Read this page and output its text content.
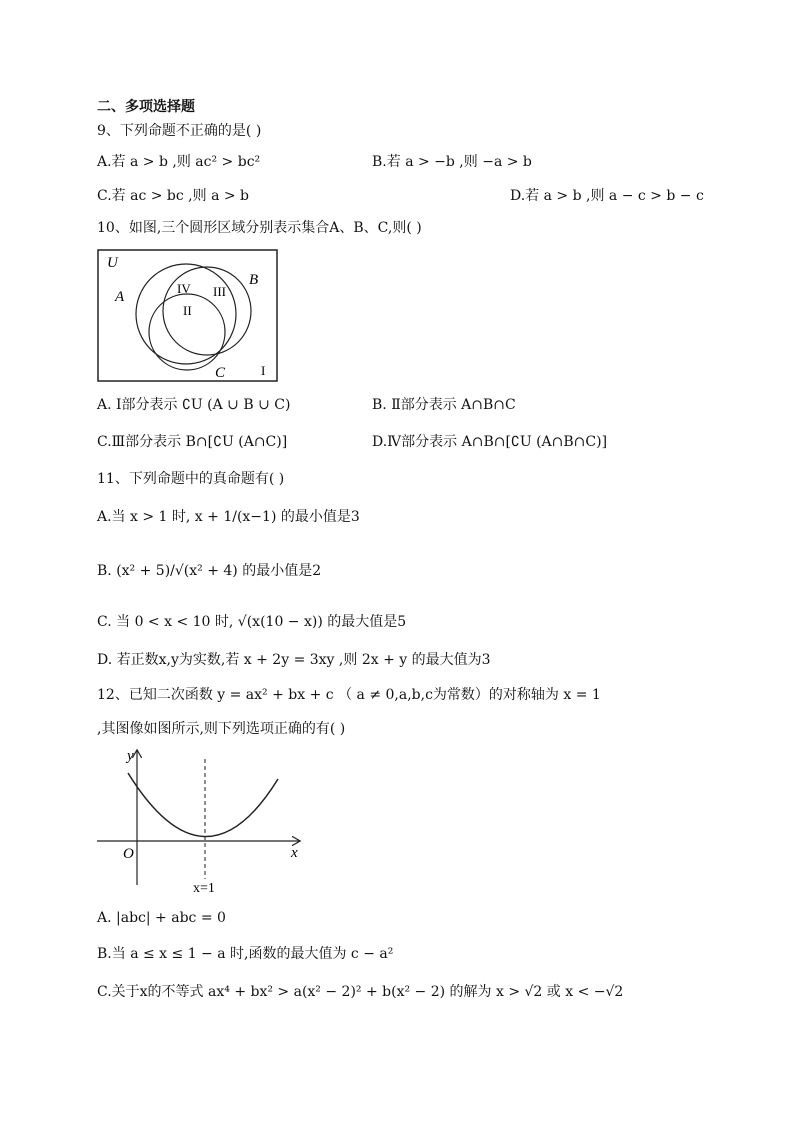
二、多项选择题
9、下列命题不正确的是( )
A.若 a > b ,则 ac² > bc²	B.若 a > −b ,则 −a > b
C.若 ac > bc ,则 a > b	D.若 a > b ,则 a − c > b − c
10、如图,三个圆形区域分别表示集合A、B、C,则( )
U
A
B
C
IV III
II
I
A. Ⅰ部分表示 ∁U (A ∪ B ∪ C)	B. Ⅱ部分表示 A∩B∩C
C.Ⅲ部分表示 B∩[∁U (A∩C)]	D.Ⅳ部分表示 A∩B∩[∁U (A∩B∩C)]
11、下列命题中的真命题有( )
A.当 x > 1 时, x + 1/(x−1) 的最小值是3
B. (x² + 5)/√(x² + 4) 的最小值是2
C. 当 0 < x < 10 时, √(x(10 − x)) 的最大值是5
D. 若正数x,y为实数,若 x + 2y = 3xy ,则 2x + y 的最大值为3
12、已知二次函数 y = ax² + bx + c （ a ≠ 0,a,b,c为常数）的对称轴为 x = 1
,其图像如图所示,则下列选项正确的有( )
y
O	x
x=1
A. |abc| + abc = 0
B.当 a ≤ x ≤ 1 − a 时,函数的最大值为 c − a²
C.关于x的不等式 ax⁴ + bx² > a(x² − 2)² + b(x² − 2) 的解为 x > √2 或 x < −√2
